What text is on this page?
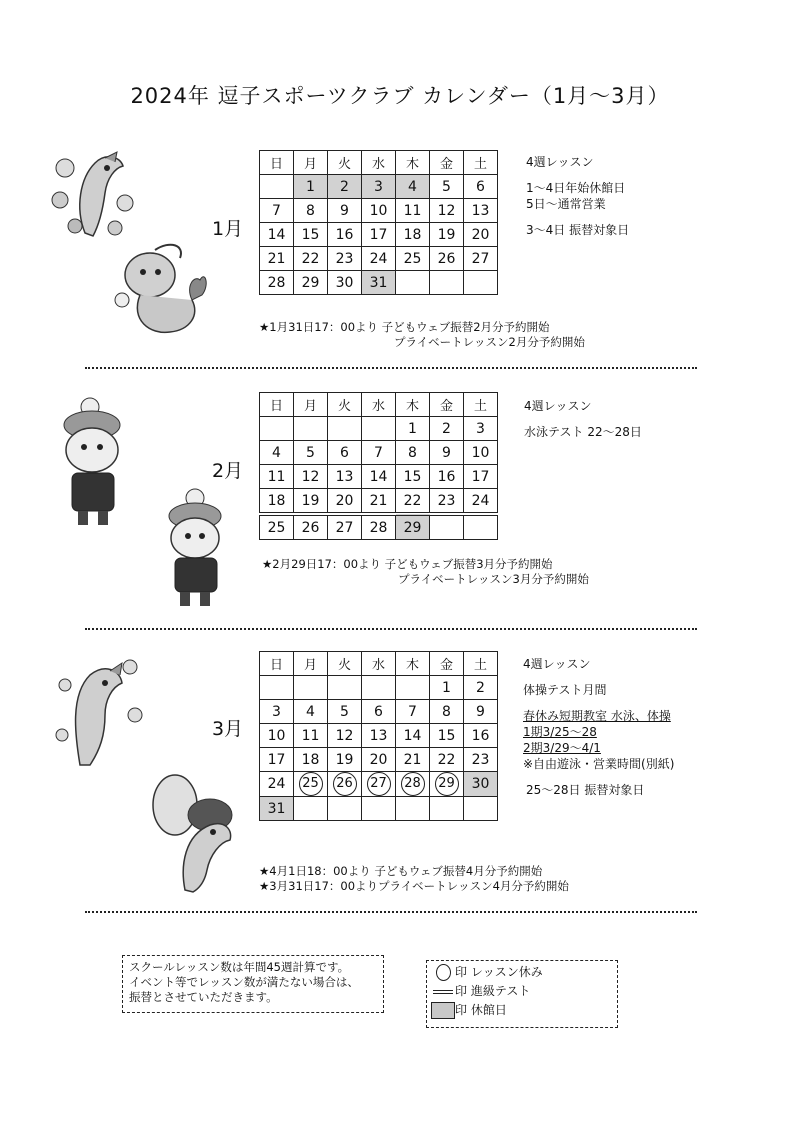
2024年 逗子スポーツクラブ カレンダー（1月～3月）
1月
日	月	火	水	木	金	土
	1	2	3	4	5	6
7	8	9	10	11	12	13
14	15	16	17	18	19	20
21	22	23	24	25	26	27
28	29	30	31			
4週レッスン
1～4日年始休館日
5日～通常営業
3～4日 振替対象日
★1月31日17：00より 子どもウェブ振替2月分予約開始
プライベートレッスン2月分予約開始
2月
日	月	火	水	木	金	土
				1	2	3
4	5	6	7	8	9	10
11	12	13	14	15	16	17
18	19	20	21	22	23	24
25	26	27	28	29		
4週レッスン
水泳テスト 22～28日
★2月29日17：00より 子どもウェブ振替3月分予約開始
プライベートレッスン3月分予約開始
3月
日	月	火	水	木	金	土
					1	2
3	4	5	6	7	8	9
10	11	12	13	14	15	16
17	18	19	20	21	22	23
24	25	26	27	28	29	30
31						
4週レッスン
体操テスト月間
春休み短期教室 水泳、体操
1期3/25～28
2期3/29～4/1
※自由遊泳・営業時間(別紙)
25～28日 振替対象日
★4月1日18：00より 子どもウェブ振替4月分予約開始
★3月31日17：00よりプライベートレッスン4月分予約開始
スクールレッスン数は年間45週計算です。
イベント等でレッスン数が満たない場合は、
振替とさせていただきます。
印 レッスン休み
印 進級テスト
印 休館日
